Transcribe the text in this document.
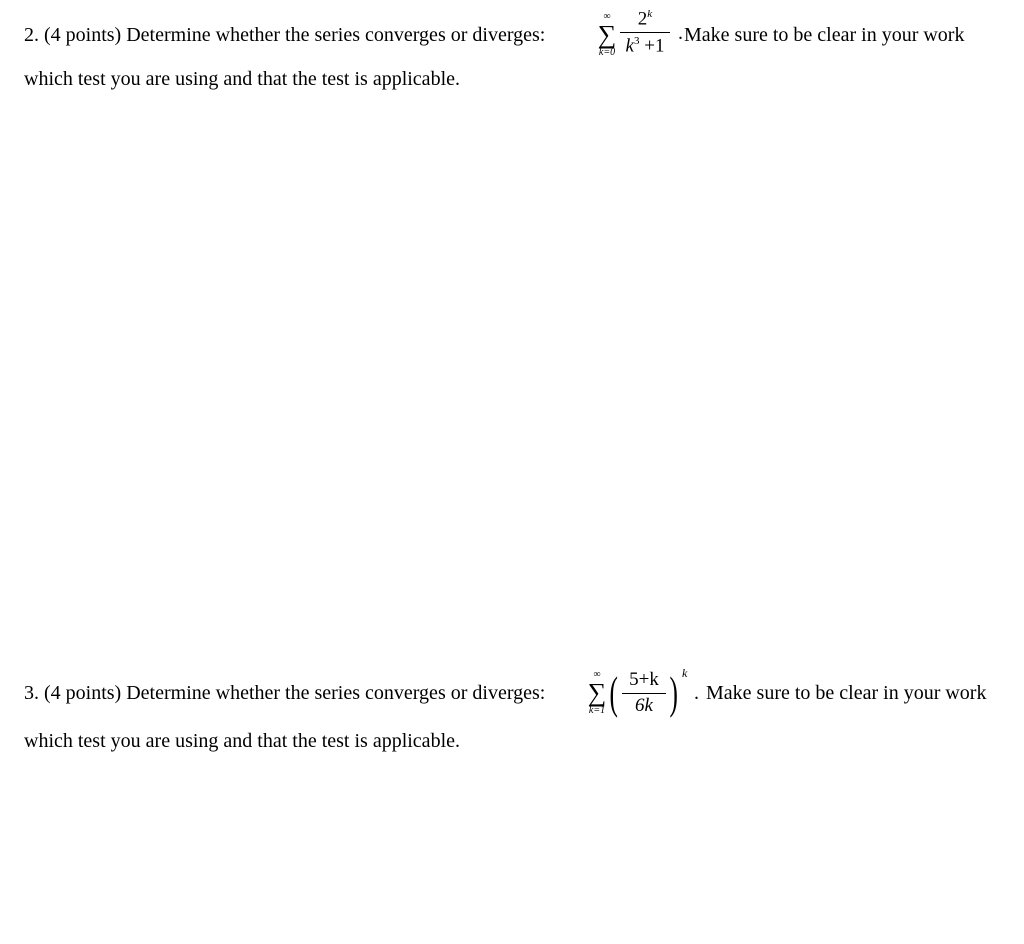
2. (4 points) Determine whether the series converges or diverges:
∞
∑
k=0
2$^k$
$k^3 +1$
. Make sure to be clear in your work
which test you are using and that the test is applicable.
3. (4 points) Determine whether the series converges or diverges:
∞
∑
k=1 ( 5+k
6k ) k
. Make sure to be clear in your work
which test you are using and that the test is applicable.
